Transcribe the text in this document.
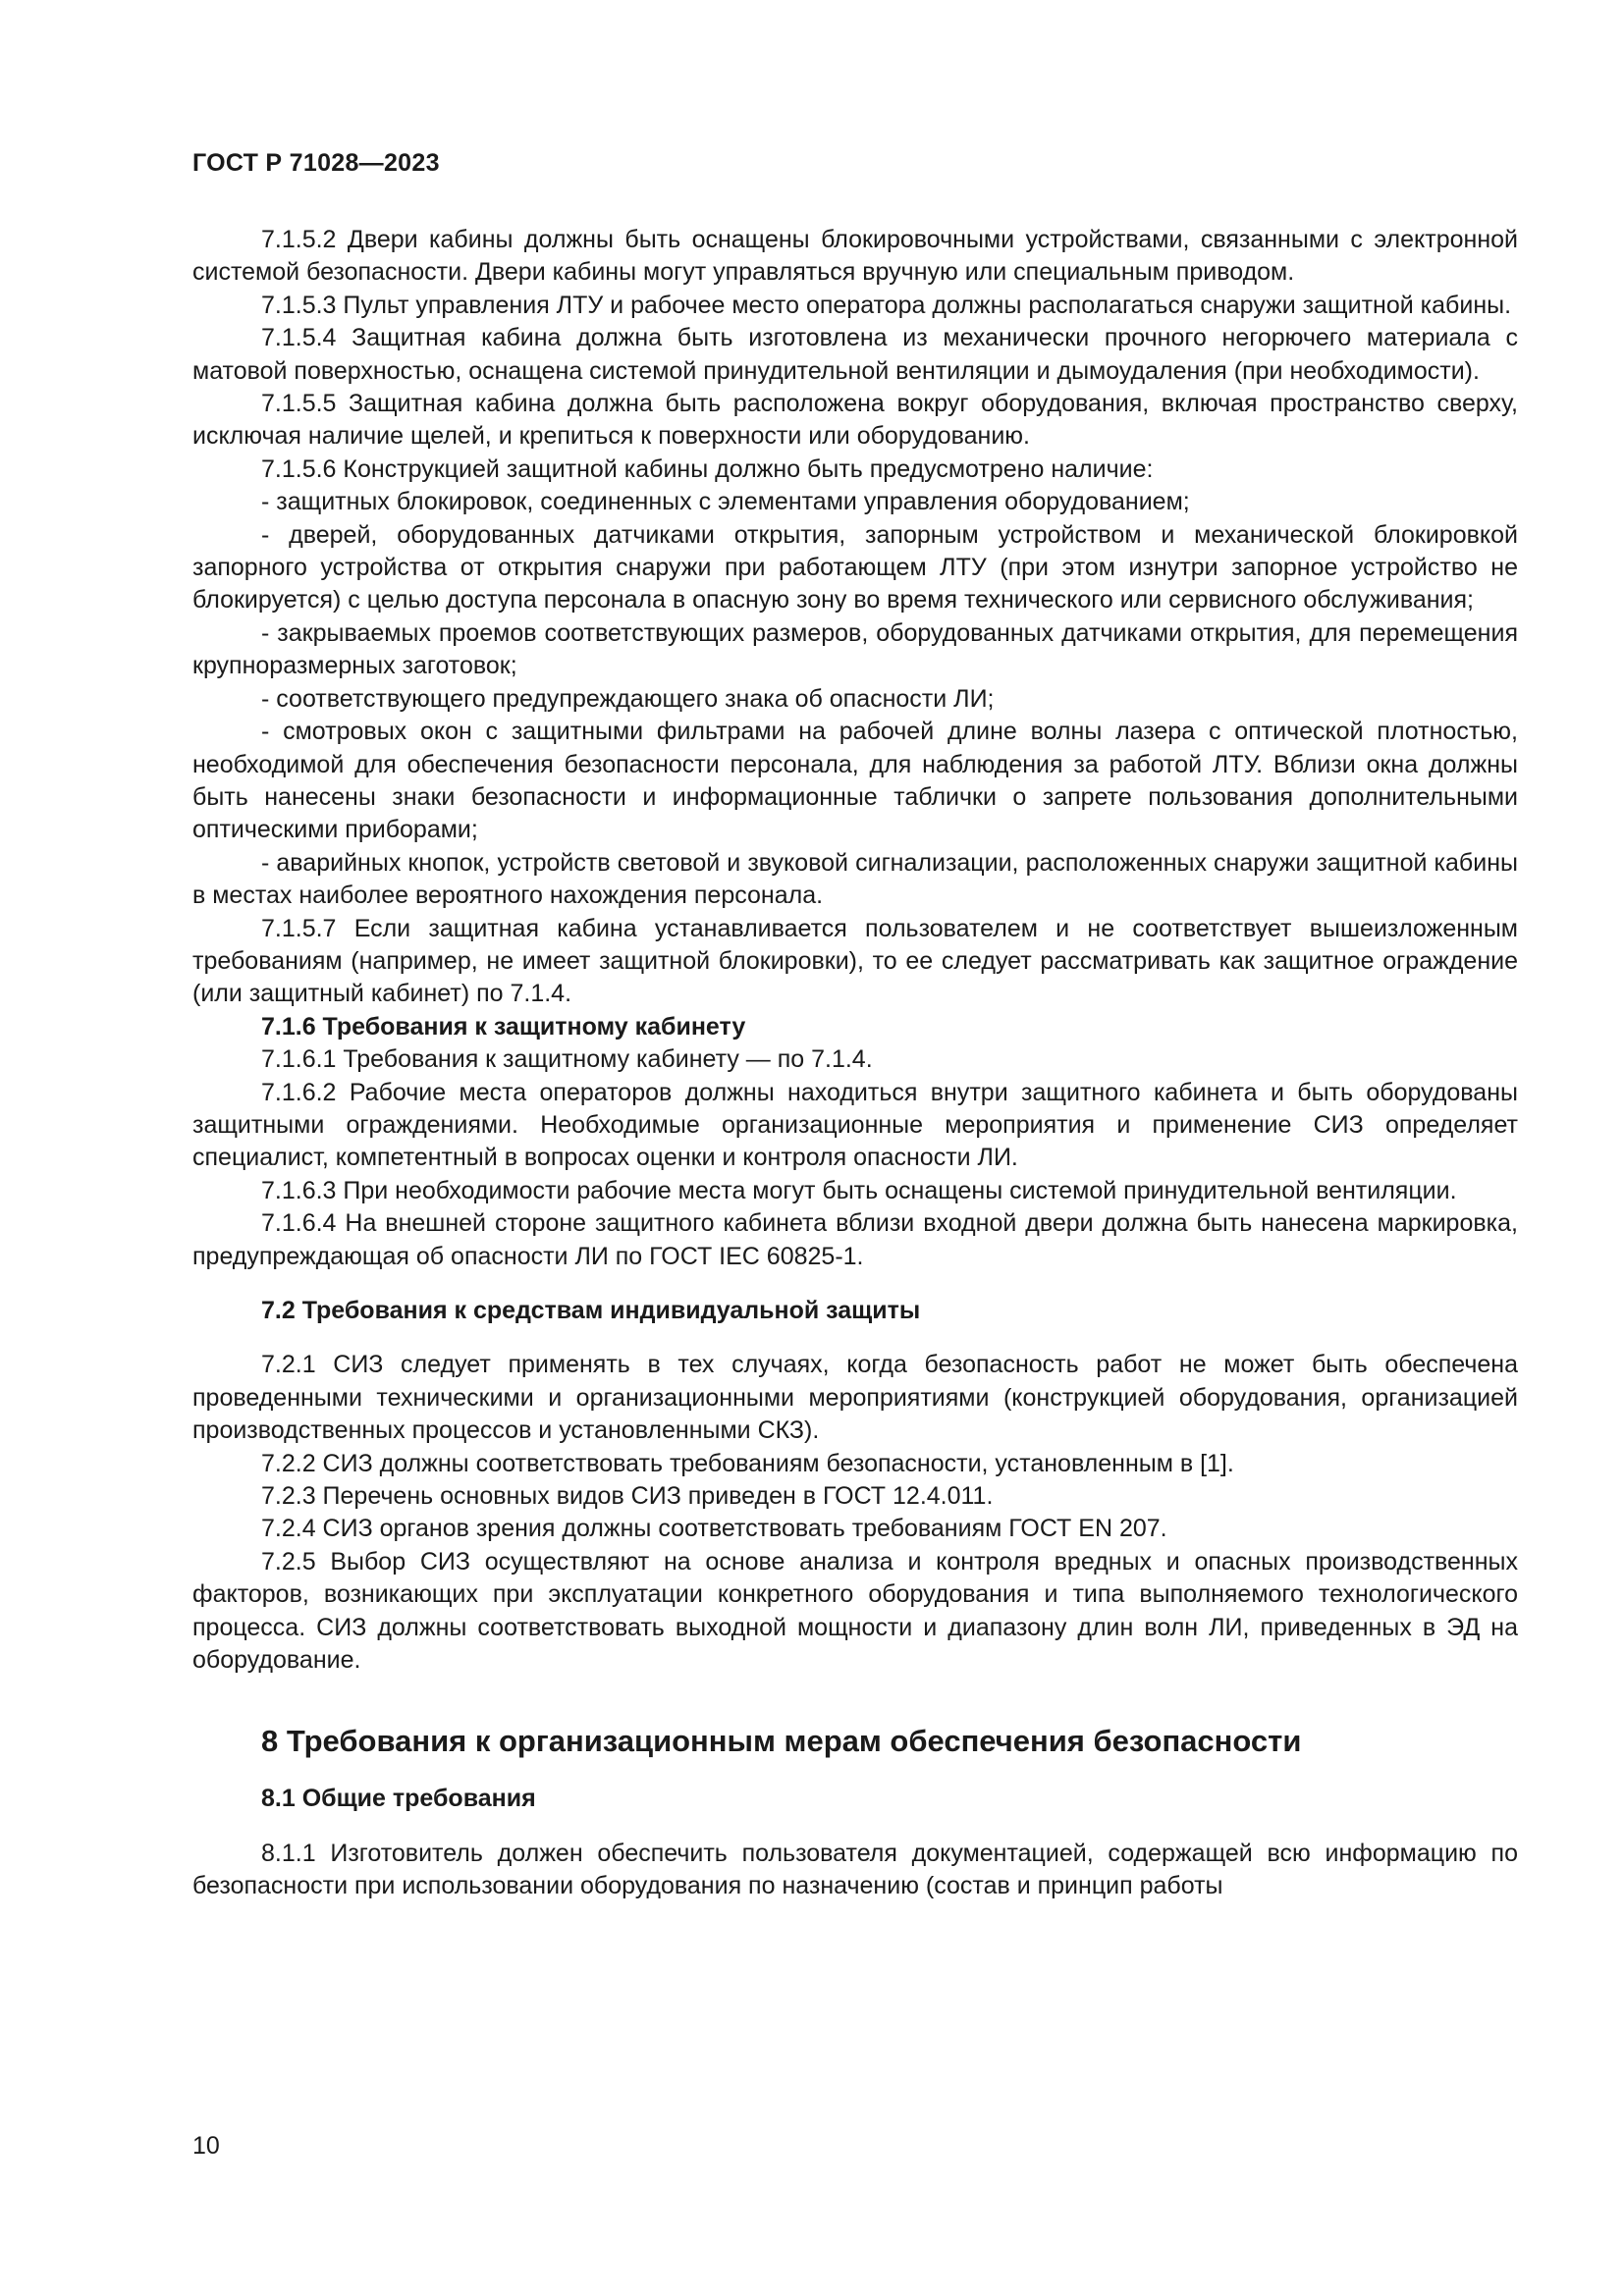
ГОСТ Р 71028—2023

7.1.5.2 Двери кабины должны быть оснащены блокировочными устройствами, связанными с электронной системой безопасности. Двери кабины могут управляться вручную или специальным приводом.

7.1.5.3 Пульт управления ЛТУ и рабочее место оператора должны располагаться снаружи защитной кабины.

7.1.5.4 Защитная кабина должна быть изготовлена из механически прочного негорючего материала с матовой поверхностью, оснащена системой принудительной вентиляции и дымоудаления (при необходимости).

7.1.5.5 Защитная кабина должна быть расположена вокруг оборудования, включая пространство сверху, исключая наличие щелей, и крепиться к поверхности или оборудованию.

7.1.5.6 Конструкцией защитной кабины должно быть предусмотрено наличие:

- защитных блокировок, соединенных с элементами управления оборудованием;

- дверей, оборудованных датчиками открытия, запорным устройством и механической блокировкой запорного устройства от открытия снаружи при работающем ЛТУ (при этом изнутри запорное устройство не блокируется) с целью доступа персонала в опасную зону во время технического или сервисного обслуживания;

- закрываемых проемов соответствующих размеров, оборудованных датчиками открытия, для перемещения крупноразмерных заготовок;

- соответствующего предупреждающего знака об опасности ЛИ;

- смотровых окон с защитными фильтрами на рабочей длине волны лазера с оптической плотностью, необходимой для обеспечения безопасности персонала, для наблюдения за работой ЛТУ. Вблизи окна должны быть нанесены знаки безопасности и информационные таблички о запрете пользования дополнительными оптическими приборами;

- аварийных кнопок, устройств световой и звуковой сигнализации, расположенных снаружи защитной кабины в местах наиболее вероятного нахождения персонала.

7.1.5.7 Если защитная кабина устанавливается пользователем и не соответствует вышеизложенным требованиям (например, не имеет защитной блокировки), то ее следует рассматривать как защитное ограждение (или защитный кабинет) по 7.1.4.

7.1.6 Требования к защитному кабинету

7.1.6.1 Требования к защитному кабинету — по 7.1.4.

7.1.6.2 Рабочие места операторов должны находиться внутри защитного кабинета и быть оборудованы защитными ограждениями. Необходимые организационные мероприятия и применение СИЗ определяет специалист, компетентный в вопросах оценки и контроля опасности ЛИ.

7.1.6.3 При необходимости рабочие места могут быть оснащены системой принудительной вентиляции.

7.1.6.4 На внешней стороне защитного кабинета вблизи входной двери должна быть нанесена маркировка, предупреждающая об опасности ЛИ по ГОСТ IEC 60825-1.

7.2 Требования к средствам индивидуальной защиты

7.2.1 СИЗ следует применять в тех случаях, когда безопасность работ не может быть обеспечена проведенными техническими и организационными мероприятиями (конструкцией оборудования, организацией производственных процессов и установленными СКЗ).

7.2.2 СИЗ должны соответствовать требованиям безопасности, установленным в [1].

7.2.3 Перечень основных видов СИЗ приведен в ГОСТ 12.4.011.

7.2.4 СИЗ органов зрения должны соответствовать требованиям ГОСТ EN 207.

7.2.5 Выбор СИЗ осуществляют на основе анализа и контроля вредных и опасных производственных факторов, возникающих при эксплуатации конкретного оборудования и типа выполняемого технологического процесса. СИЗ должны соответствовать выходной мощности и диапазону длин волн ЛИ, приведенных в ЭД на оборудование.

8 Требования к организационным мерам обеспечения безопасности
8.1 Общие требования

8.1.1 Изготовитель должен обеспечить пользователя документацией, содержащей всю информацию по безопасности при использовании оборудования по назначению (состав и принцип работы

10
